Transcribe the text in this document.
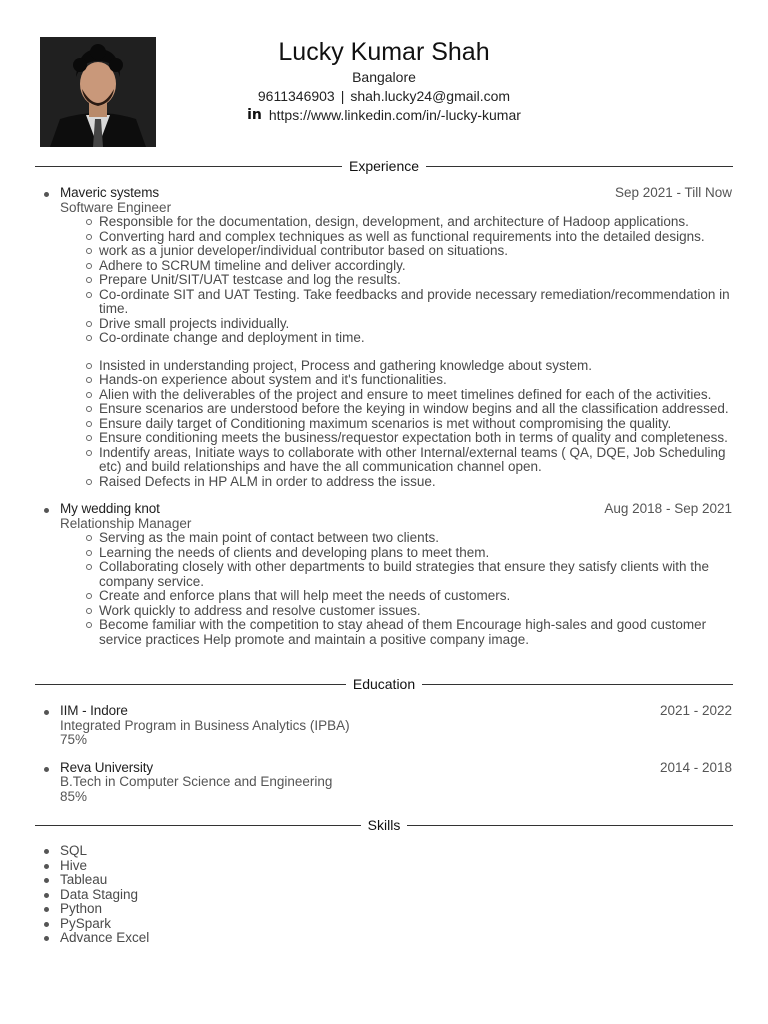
Lucky Kumar Shah
Bangalore
9611346903 | shah.lucky24@gmail.com
in https://www.linkedin.com/in/-lucky-kumar
Experience
Maveric systems	Sep 2021 - Till Now
Software Engineer
Responsible for the documentation, design, development, and architecture of Hadoop applications.
Converting hard and complex techniques as well as functional requirements into the detailed designs.
work as a junior developer/individual contributor based on situations.
Adhere to SCRUM timeline and deliver accordingly.
Prepare Unit/SIT/UAT testcase and log the results.
Co-ordinate SIT and UAT Testing. Take feedbacks and provide necessary remediation/recommendation in time.
Drive small projects individually.
Co-ordinate change and deployment in time.
Insisted in understanding project, Process and gathering knowledge about system.
Hands-on experience about system and it's functionalities.
Alien with the deliverables of the project and ensure to meet timelines defined for each of the activities.
Ensure scenarios are understood before the keying in window begins and all the classification addressed.
Ensure daily target of Conditioning maximum scenarios is met without compromising the quality.
Ensure conditioning meets the business/requestor expectation both in terms of quality and completeness.
Indentify areas, Initiate ways to collaborate with other Internal/external teams ( QA, DQE, Job Scheduling etc) and build relationships and have the all communication channel open.
Raised Defects in HP ALM in order to address the issue.
My wedding knot	Aug 2018 - Sep 2021
Relationship Manager
Serving as the main point of contact between two clients.
Learning the needs of clients and developing plans to meet them.
Collaborating closely with other departments to build strategies that ensure they satisfy clients with the company service.
Create and enforce plans that will help meet the needs of customers.
Work quickly to address and resolve customer issues.
Become familiar with the competition to stay ahead of them Encourage high-sales and good customer service practices Help promote and maintain a positive company image.
Education
IIM - Indore	2021 - 2022
Integrated Program in Business Analytics (IPBA)
75%
Reva University	2014 - 2018
B.Tech in Computer Science and Engineering
85%
Skills
SQL
Hive
Tableau
Data Staging
Python
PySpark
Advance Excel
